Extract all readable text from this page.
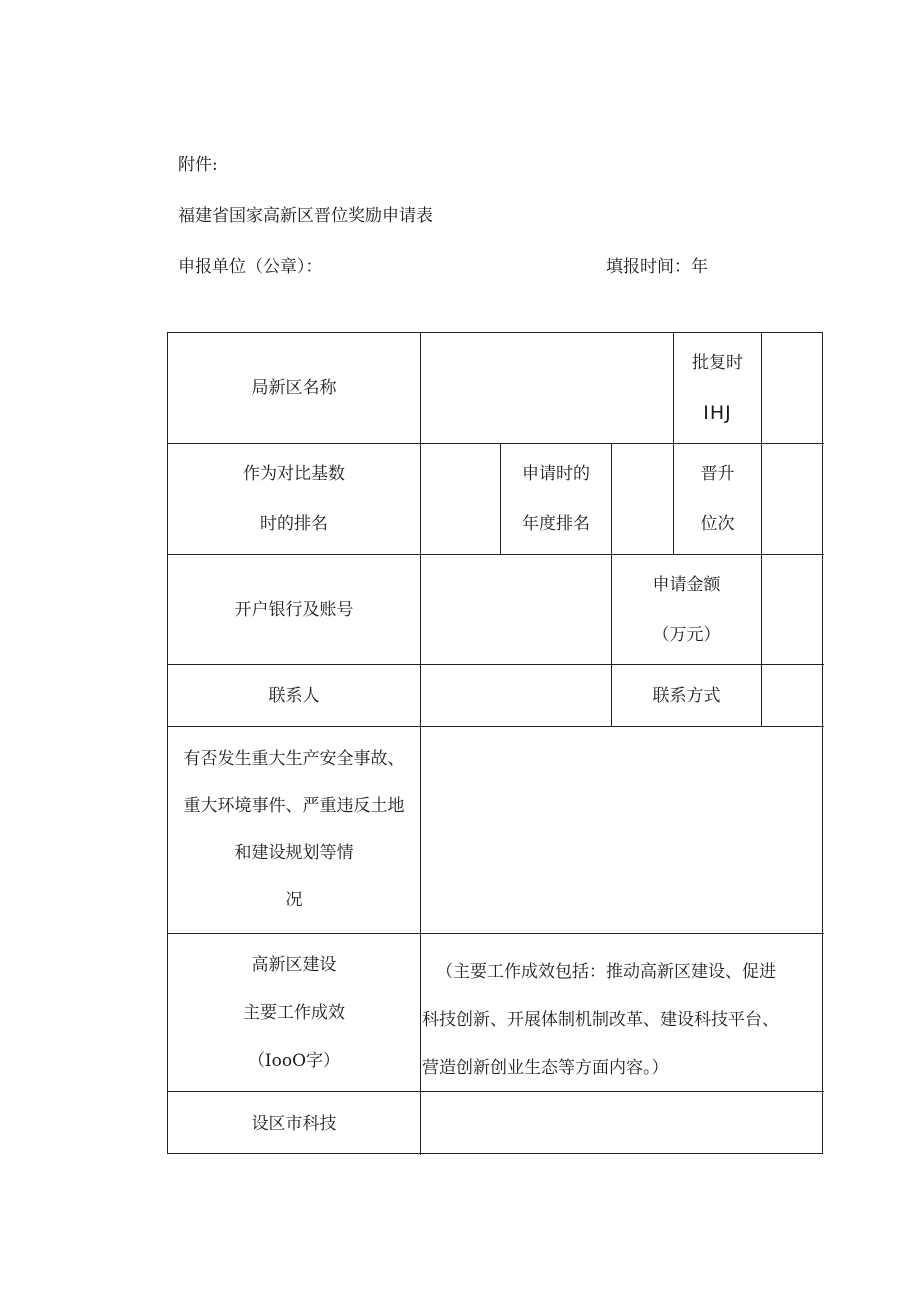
附件:
福建省国家高新区晋位奖励申请表
申报单位（公章）：	填报时间：年
局新区名称
批复时
IHJ
作为对比基数
时的排名
申请时的
年度排名
晋升
位次
开户银行及账号
申请金额
（万元）
联系人	联系方式
有否发生重大生产安全事故、
重大环境事件、严重违反土地
和建设规划等情
况
高新区建设
主要工作成效
（IooO字）
（主要工作成效包括：推动高新区建设、促进
科技创新、开展体制机制改革、建设科技平台、
营造创新创业生态等方面内容。）
设区市科技
